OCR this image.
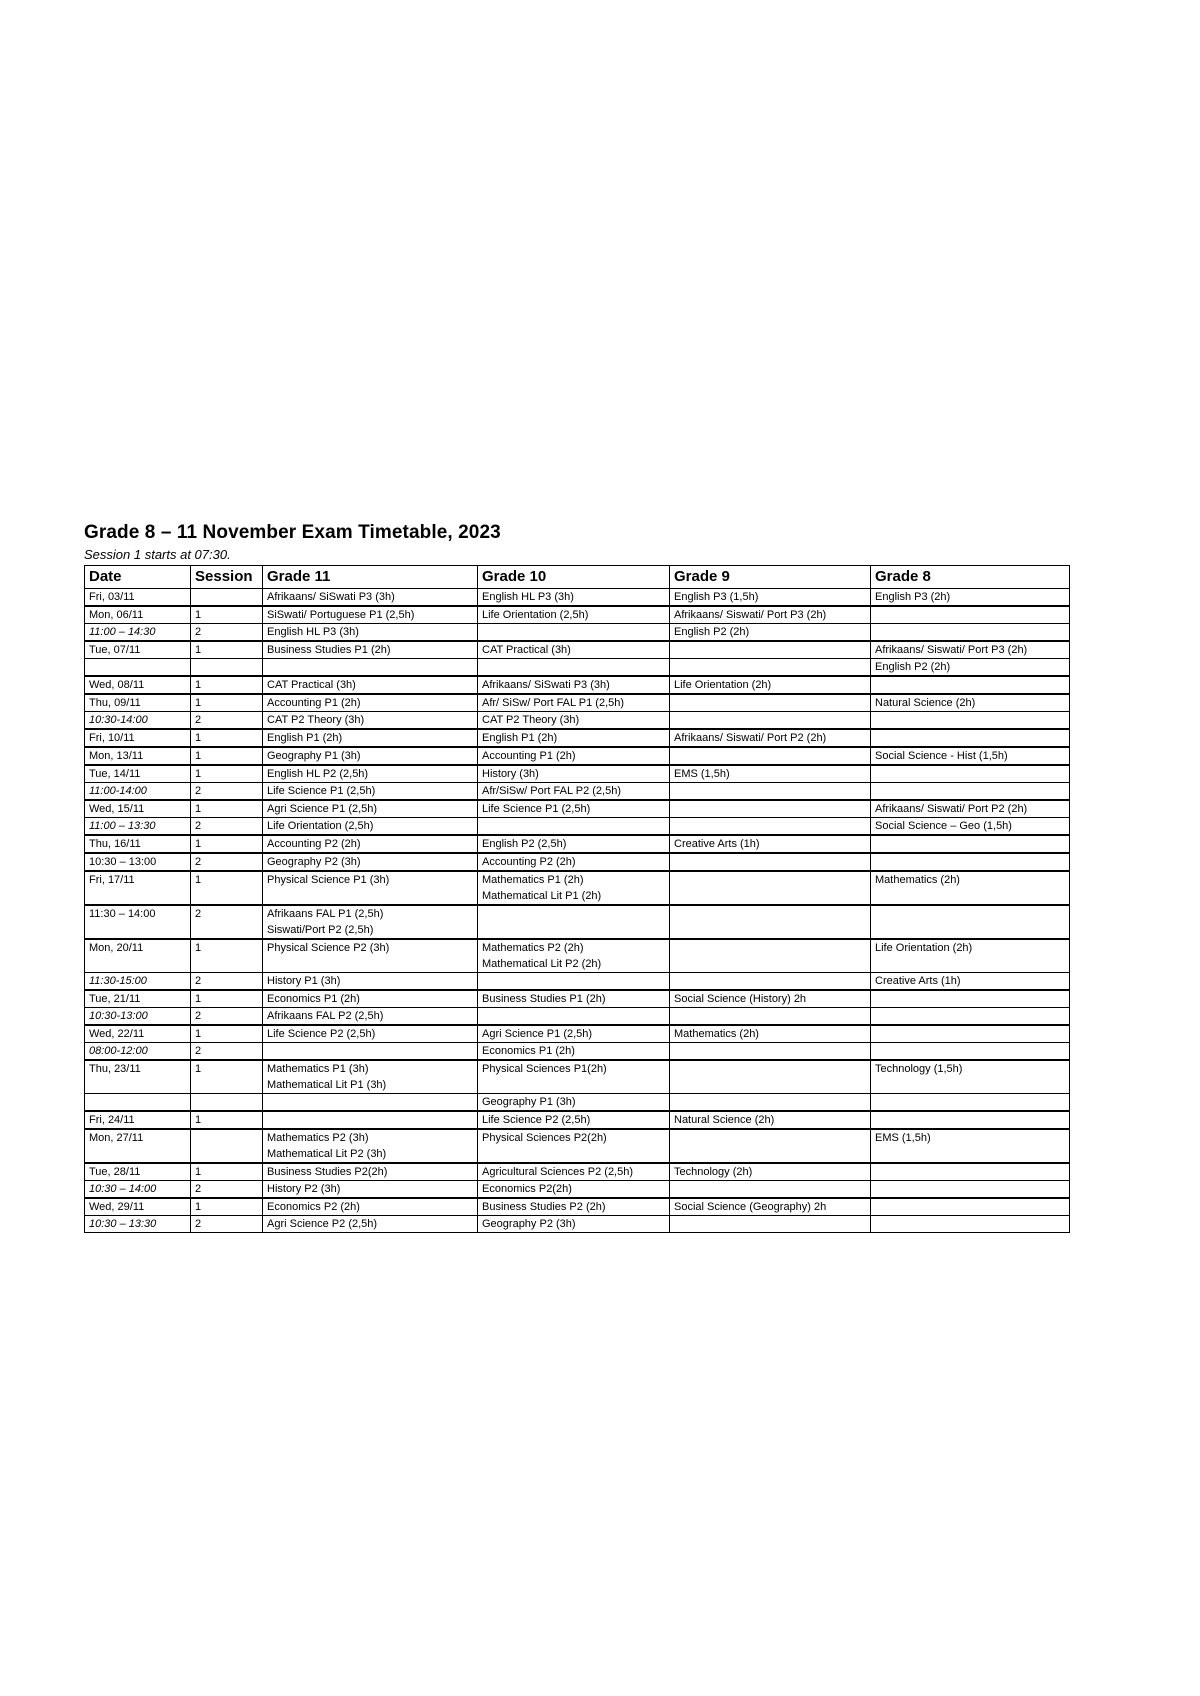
Grade 8 – 11 November Exam Timetable, 2023
Session 1 starts at 07:30.
Date	Session	Grade 11	Grade 10	Grade 9	Grade 8
Fri, 03/11		Afrikaans/ SiSwati P3 (3h)	English HL P3 (3h)	English P3 (1,5h)	English P3 (2h)

Mon, 06/11	1	SiSwati/ Portuguese P1 (2,5h)	Life Orientation (2,5h)	Afrikaans/ Siswati/ Port P3 (2h)	

11:00 – 14:30	2	English HL P3 (3h)		English P2 (2h)	

Tue, 07/11	1	Business Studies P1 (2h)	CAT Practical (3h)		Afrikaans/ Siswati/ Port P3 (2h)

					English P2 (2h)

Wed, 08/11	1	CAT Practical (3h)	Afrikaans/ SiSwati P3 (3h)	Life Orientation (2h)	

Thu, 09/11	1	Accounting P1 (2h)	Afr/ SiSw/ Port FAL P1 (2,5h)		Natural Science (2h)

10:30-14:00	2	CAT P2 Theory (3h)	CAT P2 Theory (3h)		

Fri, 10/11	1	English P1 (2h)	English P1 (2h)	Afrikaans/ Siswati/ Port P2 (2h)	

Mon, 13/11	1	Geography P1 (3h)	Accounting P1 (2h)		Social Science - Hist (1,5h)

Tue, 14/11	1	English HL P2 (2,5h)	History (3h)	EMS (1,5h)	

11:00-14:00	2	Life Science P1 (2,5h)	Afr/SiSw/ Port FAL P2 (2,5h)		

Wed, 15/11	1	Agri Science P1 (2,5h)	Life Science P1 (2,5h)		Afrikaans/ Siswati/ Port P2 (2h)

11:00 – 13:30	2	Life Orientation (2,5h)			Social Science – Geo (1,5h)

Thu, 16/11	1	Accounting P2 (2h)	English P2 (2,5h)	Creative Arts (1h)	

10:30 – 13:00	2	Geography P2 (3h)	Accounting P2 (2h)		

Fri, 17/11	1	Physical Science P1 (3h)	Mathematics P1 (2h)
Mathematical Lit P1 (2h)		Mathematics (2h)

11:30 – 14:00	2	Afrikaans FAL P1 (2,5h)
Siswati/Port P2 (2,5h)			

Mon, 20/11	1	Physical Science P2 (3h)	Mathematics P2 (2h)
Mathematical Lit P2 (2h)		Life Orientation (2h)

11:30-15:00	2	History P1 (3h)			Creative Arts (1h)

Tue, 21/11	1	Economics P1 (2h)	Business Studies P1 (2h)	Social Science (History) 2h	

10:30-13:00	2	Afrikaans FAL P2 (2,5h)			

Wed, 22/11	1	Life Science P2 (2,5h)	Agri Science P1 (2,5h)	Mathematics (2h)	

08:00-12:00	2		Economics P1 (2h)		

Thu, 23/11	1	Mathematics P1 (3h)
Mathematical Lit P1 (3h)	Physical Sciences P1(2h)		Technology (1,5h)

			Geography P1 (3h)		

Fri, 24/11	1		Life Science P2 (2,5h)	Natural Science (2h)	

Mon, 27/11		Mathematics P2 (3h)
Mathematical Lit P2 (3h)	Physical Sciences P2(2h)		EMS (1,5h)

Tue, 28/11	1	Business Studies P2(2h)	Agricultural Sciences P2 (2,5h)	Technology (2h)	

10:30 – 14:00	2	History P2 (3h)	Economics P2(2h)		

Wed, 29/11	1	Economics P2 (2h)	Business Studies P2 (2h)	Social Science (Geography) 2h	

10:30 – 13:30	2	Agri Science P2 (2,5h)	Geography P2 (3h)		
